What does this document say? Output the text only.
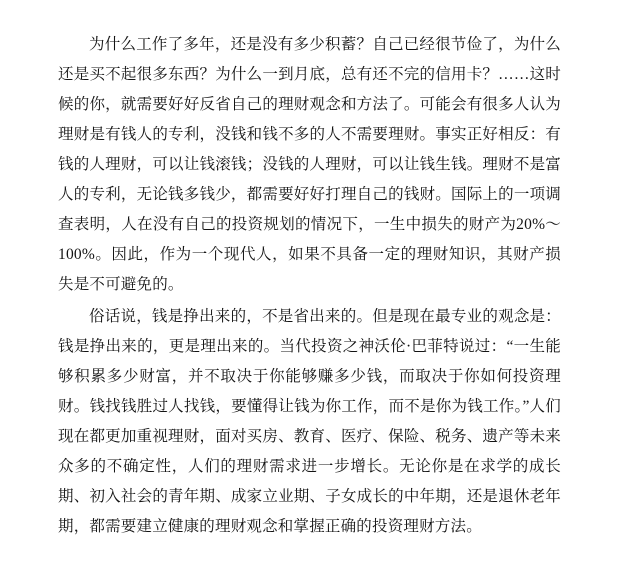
为什么工作了多年，还是没有多少积蓄？自己已经很节俭了，为什么还是买不起很多东西？为什么一到月底，总有还不完的信用卡？……这时候的你，就需要好好反省自己的理财观念和方法了。可能会有很多人认为理财是有钱人的专利，没钱和钱不多的人不需要理财。事实正好相反：有钱的人理财，可以让钱滚钱；没钱的人理财，可以让钱生钱。理财不是富人的专利，无论钱多钱少，都需要好好打理自己的钱财。国际上的一项调查表明，人在没有自己的投资规划的情况下，一生中损失的财产为20%～100%。因此，作为一个现代人，如果不具备一定的理财知识，其财产损失是不可避免的。

俗话说，钱是挣出来的，不是省出来的。但是现在最专业的观念是：钱是挣出来的，更是理出来的。当代投资之神沃伦·巴菲特说过：“一生能够积累多少财富，并不取决于你能够赚多少钱，而取决于你如何投资理财。钱找钱胜过人找钱，要懂得让钱为你工作，而不是你为钱工作。”人们现在都更加重视理财，面对买房、教育、医疗、保险、税务、遗产等未来众多的不确定性，人们的理财需求进一步增长。无论你是在求学的成长期、初入社会的青年期、成家立业期、子女成长的中年期，还是退休老年期，都需要建立健康的理财观念和掌握正确的投资理财方法。
